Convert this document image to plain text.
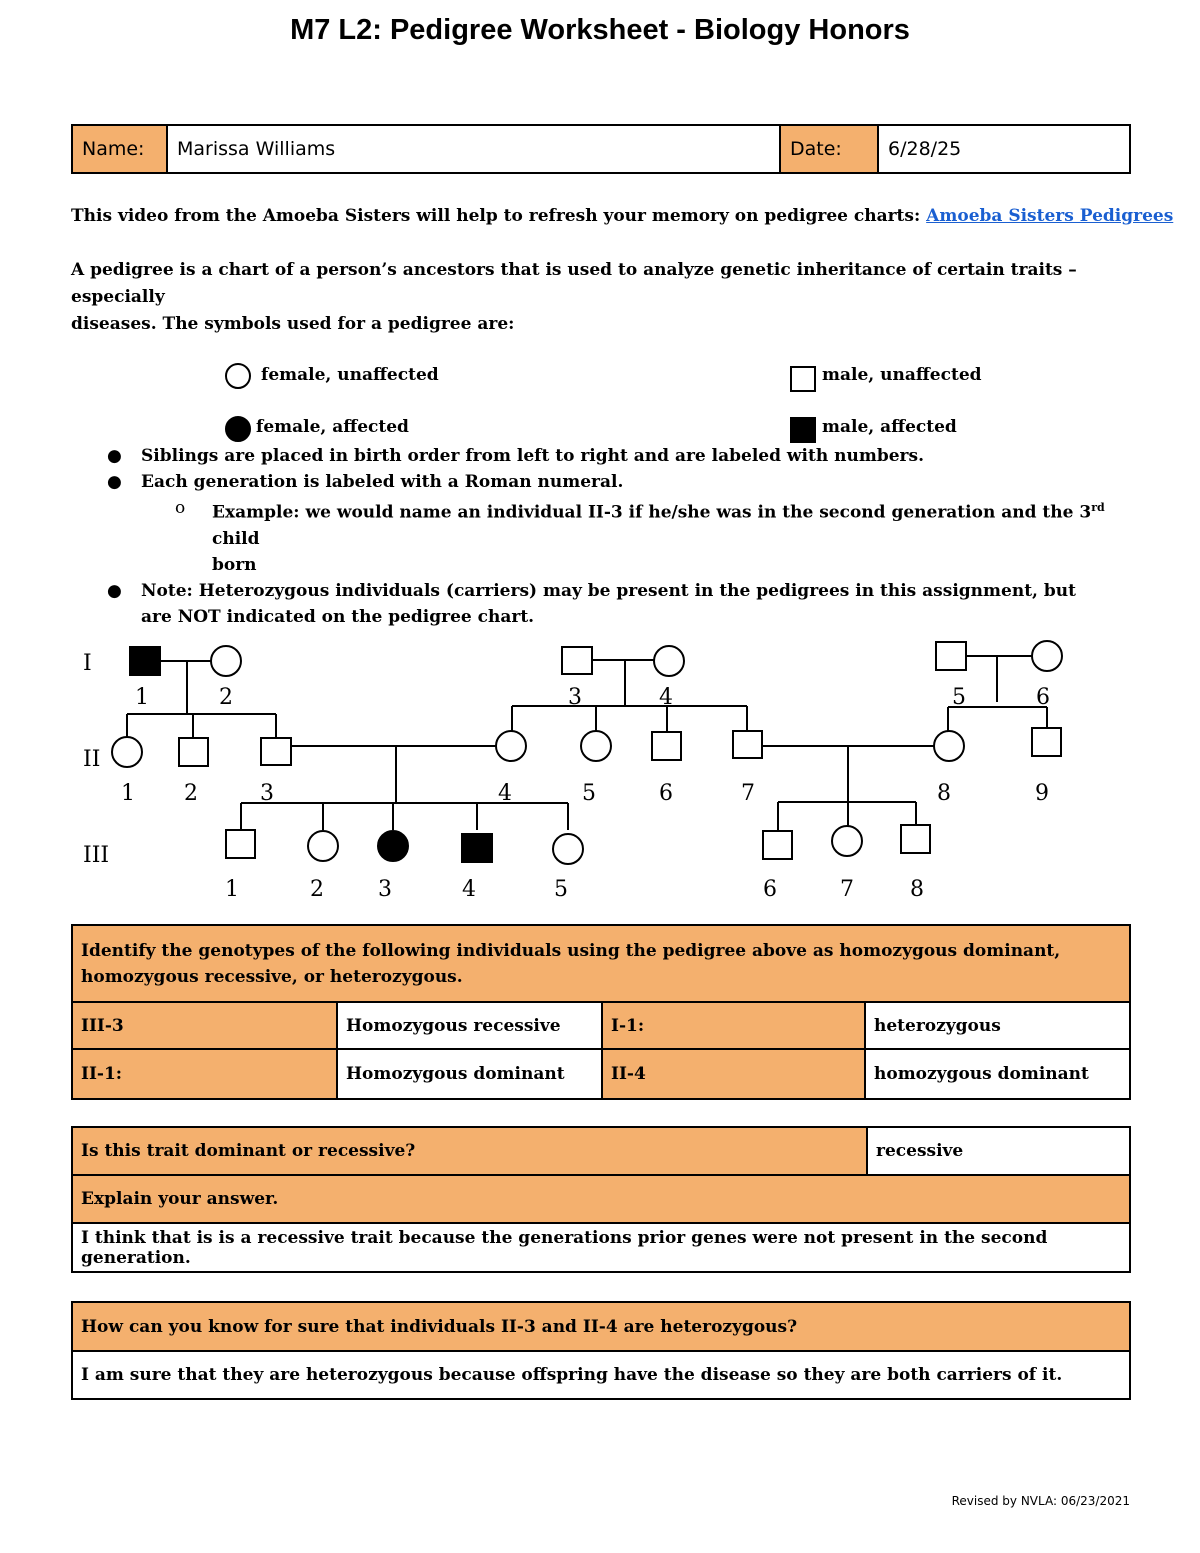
M7 L2: Pedigree Worksheet - Biology Honors
Name:	Marissa Williams	Date:	6/28/25
This video from the Amoeba Sisters will help to refresh your memory on pedigree charts: Amoeba Sisters Pedigrees
A pedigree is a chart of a person’s ancestors that is used to analyze genetic inheritance of certain traits – especially
diseases. The symbols used for a pedigree are:
female, unaffected	male, unaffected
female, affected	male, affected
● Siblings are placed in birth order from left to right and are labeled with numbers.
● Each generation is labeled with a Roman numeral.
o Example: we would name an individual II-3 if he/she was in the second generation and the 3rd child
born
● Note: Heterozygous individuals (carriers) may be present in the pedigrees in this assignment, but
are NOT indicated on the pedigree chart.
I
II
III
1	2	3	4	5	6
1 2	3	4	5	6	7	8	9
1	2 3	4	5	6	7	8
Identify the genotypes of the following individuals using the pedigree above as homozygous dominant,
homozygous recessive, or heterozygous.			

III-3	Homozygous recessive	I-1:	heterozygous
II-1:	Homozygous dominant	II-4	homozygous dominant
Is this trait dominant or recessive?	recessive
Explain your answer.
I think that is is a recessive trait because the generations prior genes were not present in the second generation.
How can you know for sure that individuals II-3 and II-4 are heterozygous?
I am sure that they are heterozygous because offspring have the disease so they are both carriers of it.
Revised by NVLA: 06/23/2021
